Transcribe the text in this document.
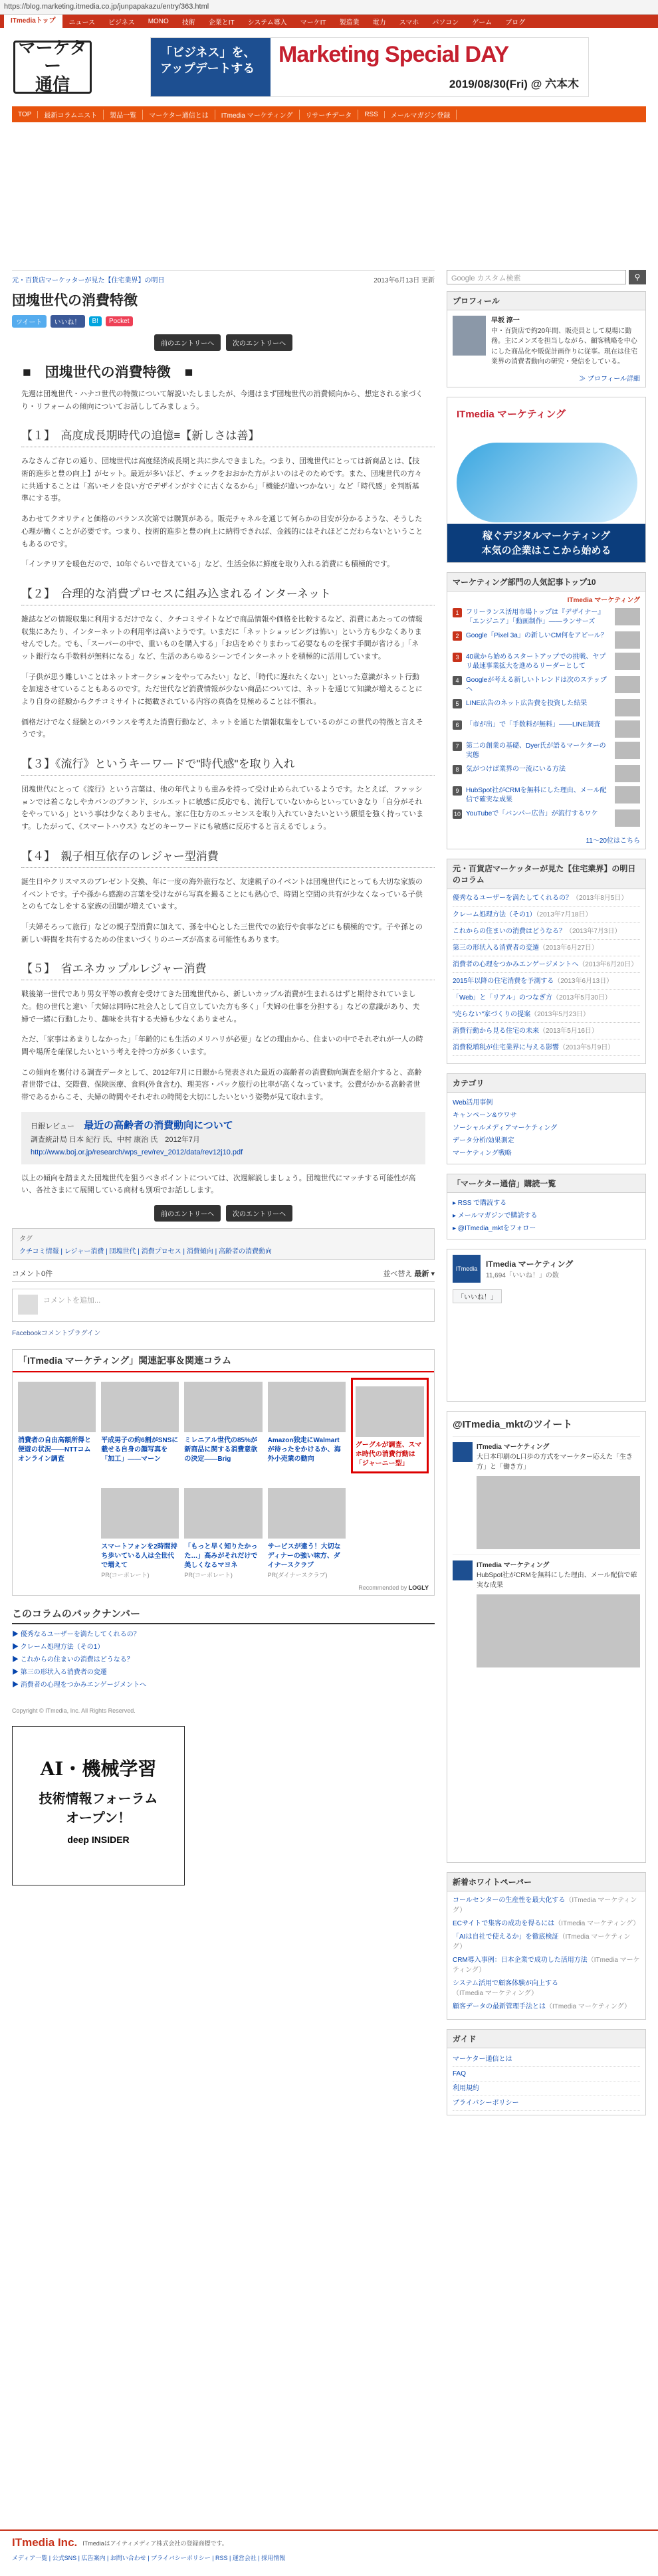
https://blog.marketing.itmedia.co.jp/junpapakazu/entry/363.html
ITmediaトップ	ニュース	ビジネス	MONO	技術	企業とIT	システム導入	マーケIT	製造業	電力	スマホ	パソコン	ゲーム	ブログ
マーケター
通信
「ビジネス」を、
アップデートする
Marketing Special DAY
2019/08/30(Fri) @ 六本木
TOP	最新コラムニスト	製品一覧	マーケター通信とは	ITmedia マーケティング	リサーチデータ	RSS	メールマガジン登録
元・百貨店マーケッターが見た【住宅業界】の明日	2013年6月13日 更新
団塊世代の消費特徴
ツイート	いいね！	B!	Pocket
前のエントリーへ	次のエントリーへ
■　団塊世代の消費特徴　■

先週は団塊世代・ハナコ世代の特徴について解説いたしましたが、今週はまず団塊世代の消費傾向から、想定される家づくり・リフォームの傾向についてお話ししてみましょう。

【１】　高度成長期時代の追憶≡【新しさは善】

みなさんご存じの通り、団塊世代は高度経済成長期と共に歩んできました。つまり、団塊世代にとっては新商品とは、【技術的進歩と豊の向上】がセット。最近が多いほど、チェックをおおかた方がよいのはそのためです。また、団塊世代の方々に共通することは「高いモノを良い方でデザインがすぐに古くなるから」「機能が違いつかない」など「時代感」を判断基準にする事。

あわせてクオリティと価格のバランス次第では購買がある。販売チャネルを通じて何らかの目安が分かるような、そうした心理が働くことが必要です。つまり、技術的進歩と豊の向上に納得できれば、金銭的にはそれほどこだわらないということもあるのです。

「インテリアを暖色だので、10年ぐらいで替えている」など、生活全体に鮮度を取り入れる消費にも積極的です。

【２】　合理的な消費プロセスに組み込まれるインターネット

雑誌などの情報収集に利用するだけでなく、クチコミサイトなどで商品情報や価格を比較するなど、消費にあたっての情報収集にあたり、インターネットの利用率は高いようです。いまだに「ネットショッピングは怖い」という方も少なくありませんでした。でも、「スーパーの中で、重いものを購入する」「お店をめぐりまわって必要なものを探す手間が省ける」「ネット銀行なら手数料が無料になる」など、生活のあらゆるシーンでインターネットを積極的に活用しています。

「子供が思う難しいことはネットオークションをやってみたい」など、「時代に遅れたくない」といった意識がネット行動を加速させていることもあるのです。ただ世代など消費情報が少ない商品については、ネットを通じて知識が増えることにより自身の経験からクチコミサイトに掲載されている内容の真偽を見極めることは不慣れ。

価格だけでなく経験とのバランスを考えた消費行動など、ネットを通じた情報収集をしているのがこの世代の特徴と言えそうです。

【３】《流行》というキーワードで"時代感"を取り入れ

団塊世代にとって《流行》という言葉は、他の年代よりも重みを持って受け止められているようです。たとえば、ファッションでは着こなしやカバンのブランド、シルエットに敏感に反応でも、流行していないからといっていきなり「自分がそれをやっている」という事は少なくありません。家に住む方のエッセンスを取り入れていきたいという願望を強く持っています。したがって、《スマートハウス》などのキーワードにも敏感に反応すると言えるでしょう。

【４】　親子相互依存のレジャー型消費

誕生日やクリスマスのプレゼント交換、年に一度の海外旅行など、友達親子のイベントは団塊世代にとっても大切な家族のイベントです。子や孫から感謝の言葉を受けながら写真を撮ることにも熱心で、時間と空間の共有が少なくなっている子供とのもてなしをする家族の団欒が増えています。

「夫婦そろって旅行」などの親子型消費に加えて、孫を中心とした三世代での旅行や食事などにも積極的です。子や孫との新しい時間を共有するための住まいづくりのニーズが高まる可能性もあります。

【５】　省エネカップルレジャー消費

戦後第一世代であり男女平等の教育を受けてきた団塊世代から、新しいカップル消費が生まれるはずと期待されていました。他の世代と違い「夫婦は同時に社会人として自立していた方も多く」「夫婦の仕事を分担する」などの意識があり、夫婦で一緒に行動したり、趣味を共有する夫婦も少なくありません。

ただ、「家事はあまりしなかった」「年齢的にも生活のメリハリが必要」などの理由から、住まいの中でそれぞれが一人の時間や場所を確保したいという考えを持つ方が多くいます。

この傾向を裏付ける調査データとして、2012年7月に日銀から発表された最近の高齢者の消費動向調査を紹介すると、高齢者世帯では、交際費、保険医療、食料(外食含む)、理美容・パック旅行の比率が高くなっています。公費がかかる高齢者世帯であるからこそ、夫婦の時間やそれぞれの時間を大切にしたいという姿勢が見て取れます。

日銀レビュー　 最近の高齢者の消費動向について
調査統計局 日本 紀行 氏、中村 康治 氏　2012年7月
http://www.boj.or.jp/research/wps_rev/rev_2012/data/rev12j10.pdf

以上の傾向を踏まえた団塊世代を狙うべきポイントについては、次週解説しましょう。団塊世代にマッチする可能性が高い、各社さまにて展開している商材も別項でお話しします。

前のエントリーへ	次のエントリーへ
タグ
クチコミ情報 | レジャー消費 | 団塊世代 | 消費プロセス | 消費傾向 | 高齢者の消費動向
コメント0件	並べ替え 最新 ▾
コメントを追加...
Facebookコメントプラグイン
「ITmedia マーケティング」関連記事＆関連コラム
消費者の自由高額所得と便遊の状況――NTTコムオンライン調査
平成男子の約6割がSNSに載せる自身の顔写真を「加工」――マーン
ミレニアル世代の85%が新商品に関する消費意欲の決定――Brig
Amazon独走にWalmartが待ったをかけるか、海外小売業の動向
グーグルが調査、スマホ時代の消費行動は「ジャーニー型」
スマートフォンを2時間持ち歩いている人は全世代で増えて
PR(コーポレート)
「もっと早く知りたかった…」高みがそれだけで美しくなるマヨネ
PR(コーポレート)
サービスが違う！大切なディナーの強い味方、ダイナースクラブ
PR(ダイナースクラブ)
Recommended by LOGLY
このコラムのバックナンバー
▶ 優秀なるユーザーを満たしてくれるの？
▶ クレーム処理方法（その1）
▶ これからの住まいの消費はどうなる？
▶ 第三の形状入る消費者の変遷
▶ 消費者の心理をつかみエンゲージメントへ
Copyright © ITmedia, Inc. All Rights Reserved.
AI・機械学習
技術情報フォーラム
オープン！
deep INSIDER
Google カスタム検索	⚲
プロフィール
早坂 淳一
中・百貨店で約20年間、販売員として現場に勤務。主にメンズを担当しながら、顧客戦略を中心にした商品化や販促計画作りに従事。現在は住宅業界の消費者動向の研究・発信をしている。
≫ プロフィール詳細
ITmedia マーケティング
稼ぐデジタルマーケティング
本気の企業はここから始める
マーケティング部門の人気記事トップ10
ITmedia マーケティング
1	フリーランス活用市場トップは『デザイナー』「エンジニア」「動画制作」――ランサーズ
2	Google「Pixel 3a」の新しいCM何をアピール？
3	40歳から始めるスタートアップでの挑戦、ヤプリ最速事業拡大を進めるリーダーとして
4	Googleが考える新しいトレンドは次のステップへ
5	LINE広告のネット広告費を投資した結果
6	「市が出」で「手数料が無料」――LINE調査
7	第二の創業の基礎、Dyer氏が語るマーケターの実態
8	気がつけば業界の一流にいる方法
9	HubSpot社がCRMを無料にした理由、メール配信で確実な成果
10 YouTubeで「バンパー広告」が流行するワケ
11〜20位はこちら
元・百貨店マーケッターが見た【住宅業界】の明日のコラム
優秀なるユーザーを満たしてくれるの？（2013年8月5日）
クレーム処理方法（その1）（2013年7月18日）
これからの住まいの消費はどうなる？（2013年7月3日）
第三の形状入る消費者の変遷（2013年6月27日）
消費者の心理をつかみエンゲージメントへ（2013年6月20日）
2015年以降の住宅消費を予測する（2013年6月13日）
「Web」と「リアル」のつなぎ方（2013年5月30日）
"売らない"家づくりの提案（2013年5月23日）
消費行動から見る住宅の未来（2013年5月16日）
消費税増税が住宅業界に与える影響（2013年5月9日）
カテゴリ
Web活用事例
キャンペーン&ウワサ
ソーシャルメディアマーケティング
データ分析/効果測定
マーケティング戦略
「マーケター通信」購読一覧
▸ RSS で購読する
▸ メールマガジンで購読する
▸ @ITmedia_mktをフォロー
ITmedia	ITmedia マーケティング
11,694「いいね！」の数
「いいね！」
@ITmedia_mktのツイート
ITmedia マーケティング
大日本印刷のL口歩の方式をマーケター応えた「生き方」と「働き方」
ITmedia マーケティング
HubSpot社がCRMを無料にした理由、メール配信で確実な成果
新着ホワイトペーパー
コールセンターの生産性を最大化する（ITmedia マーケティング）
ECサイトで集客の成功を得るには（ITmedia マーケティング）
「AIは自社で使えるか」を徹底検証（ITmedia マーケティング）
CRM導入事例：日本企業で成功した活用方法（ITmedia マーケティング）
システム活用で顧客体験が向上する（ITmedia マーケティング）
顧客データの最新管理手法とは（ITmedia マーケティング）
ガイド
マーケター通信とは
FAQ
利用規約
プライバシーポリシー
ITmedia Inc. ITmediaはアイティメディア株式会社の登録商標です。
メディア一覧 | 公式SNS | 広告案内 | お問い合わせ | プライバシーポリシー | RSS | 運営会社 | 採用情報
